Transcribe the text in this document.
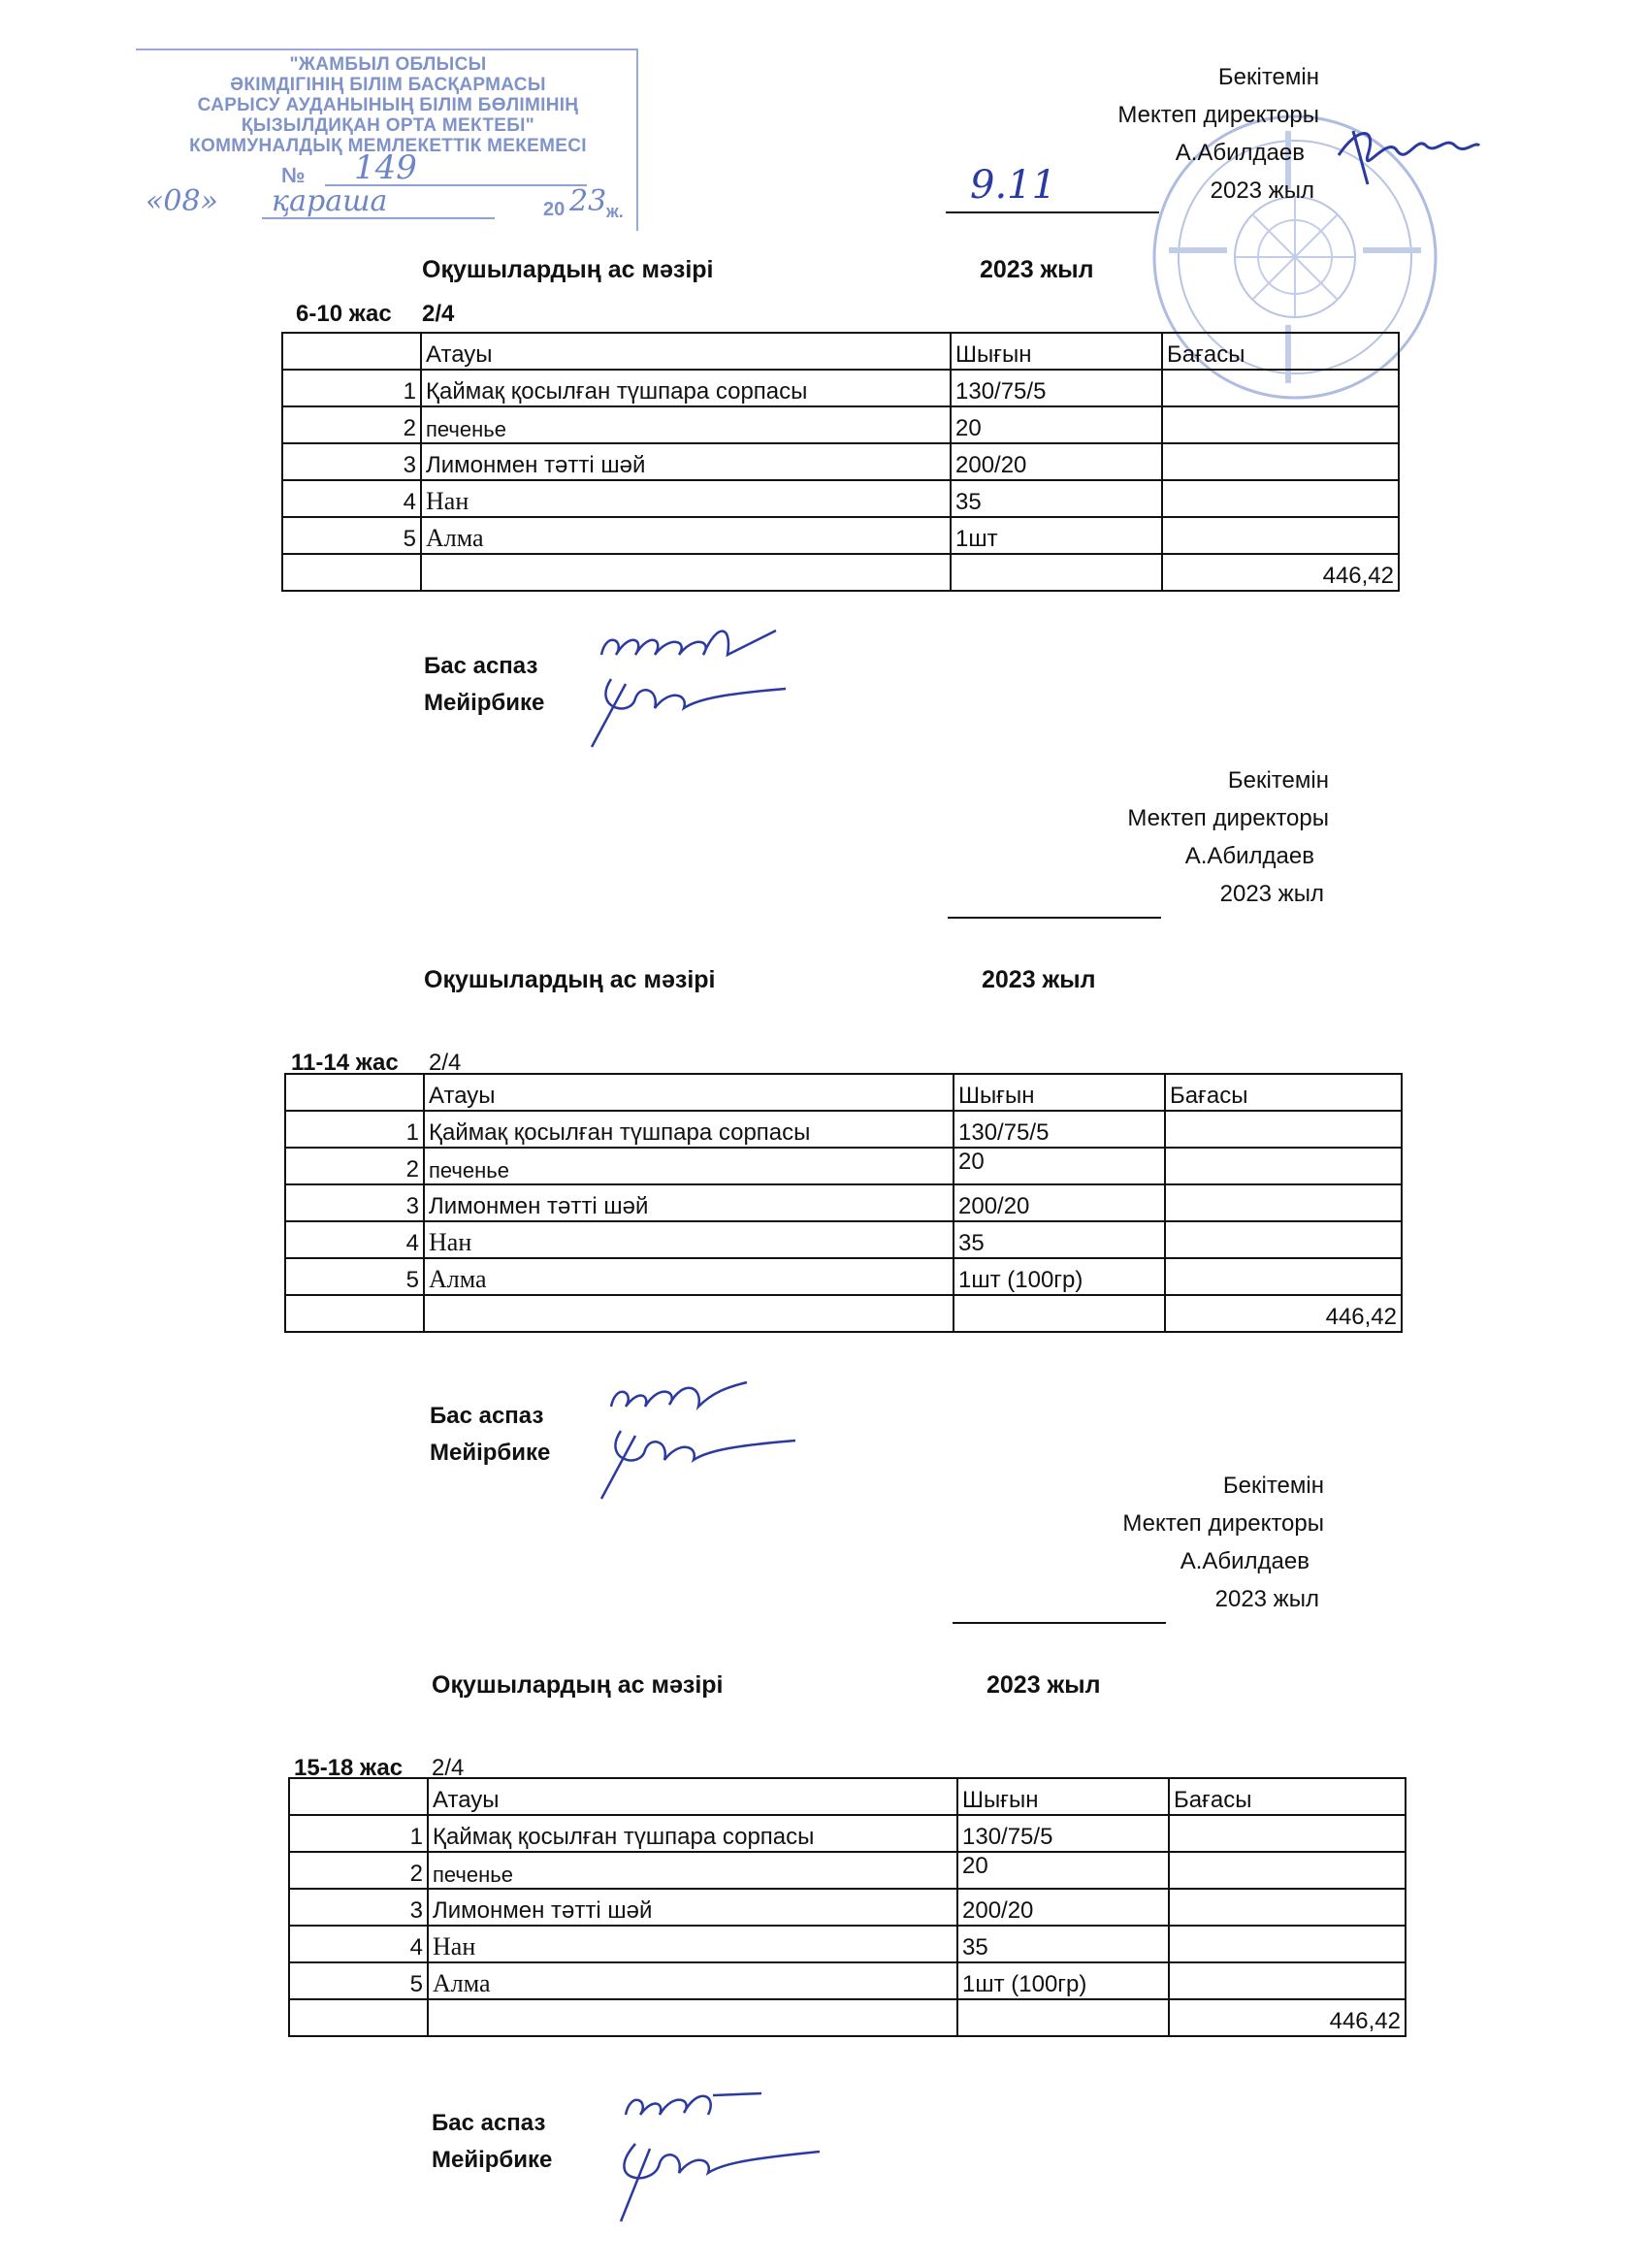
"ЖАМБЫЛ ОБЛЫСЫ
ӘКІМДІГІНІҢ БІЛІМ БАСҚАРМАСЫ
САРЫСУ АУДАНЫНЫҢ БІЛІМ БӨЛІМІНІҢ
ҚЫЗЫЛДИҚАН ОРТА МЕКТЕБІ"
КОММУНАЛДЫҚ МЕМЛЕКЕТТІК МЕКЕМЕСІ
№ 149
«08» қараша	20 23 ж.
9.11
Бекітемін
Мектеп директоры
А.Абилдаев
2023 жыл
Оқушылардың ас мәзірі	2023 жыл
6-10 жас 2/4
	Атауы	Шығын	Бағасы
1	Қаймақ қосылған түшпара сорпасы	130/75/5	
2	печенье	20	
3	Лимонмен тәтті шәй	200/20	
4	Нан	35	
5	Алма	1шт	
			446,42
Бас аспаз
Мейірбике
Бекітемін
Мектеп директоры
А.Абилдаев
2023 жыл
Оқушылардың ас мәзірі	2023 жыл
11-14 жас 2/4
	Атауы	Шығын	Бағасы
1	Қаймақ қосылған түшпара сорпасы	130/75/5	
2	печенье	20	
3	Лимонмен тәтті шәй	200/20	
4	Нан	35	
5	Алма	1шт (100гр)	
			446,42
Бас аспаз
Мейірбике
Бекітемін
Мектеп директоры
А.Абилдаев
2023 жыл
Оқушылардың ас мәзірі	2023 жыл
15-18 жас 2/4
	Атауы	Шығын	Бағасы
1	Қаймақ қосылған түшпара сорпасы	130/75/5	
2	печенье	20	
3	Лимонмен тәтті шәй	200/20	
4	Нан	35	
5	Алма	1шт (100гр)	
			446,42
Бас аспаз
Мейірбике
